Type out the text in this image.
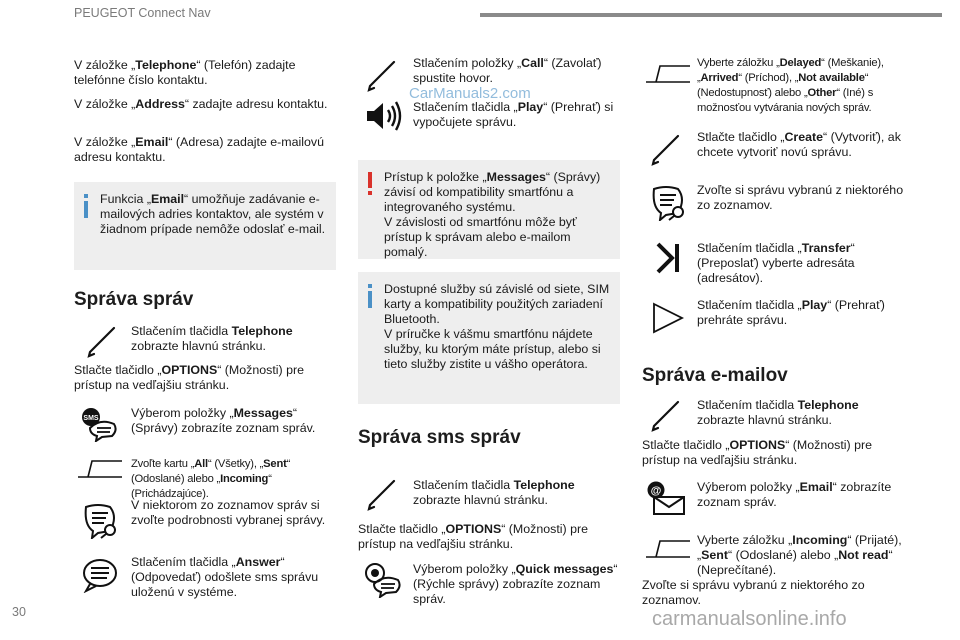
PEUGEOT Connect Nav
30
V záložke „Telephone“ (Telefón) zadajte telefónne číslo kontaktu.
V záložke „Address“ zadajte adresu kontaktu.
V záložke „Email“ (Adresa) zadajte e-mailovú adresu kontaktu.
Funkcia „Email“ umožňuje zadávanie e-mailových adries kontaktov, ale systém v žiadnom prípade nemôže odoslať e-mail.
Správa správ
Stlačením tlačidla Telephone zobrazte hlavnú stránku.
Stlačte tlačidlo „OPTIONS“ (Možnosti) pre prístup na vedľajšiu stránku.
SMS	Výberom položky „Messages“ (Správy) zobrazíte zoznam správ.
Zvoľte kartu „All“ (Všetky), „Sent“ (Odoslané) alebo „Incoming“ (Prichádzajúce).
V niektorom zo zoznamov správ si zvoľte podrobnosti vybranej správy.
Stlačením tlačidla „Answer“ (Odpovedať) odošlete sms správu uloženú v systéme.
Stlačením položky „Call“ (Zavolať) spustite hovor.
CarManuals2.com
Stlačením tlačidla „Play“ (Prehrať) si vypočujete správu.
Prístup k položke „Messages“ (Správy) závisí od kompatibility smartfónu a integrovaného systému.
V závislosti od smartfónu môže byť prístup k správam alebo e-mailom pomalý.
Dostupné služby sú závislé od siete, SIM karty a kompatibility použitých zariadení Bluetooth.
V príručke k vášmu smartfónu nájdete služby, ku ktorým máte prístup, alebo si tieto služby zistite u vášho operátora.
Správa sms správ
Stlačením tlačidla Telephone zobrazte hlavnú stránku.
Stlačte tlačidlo „OPTIONS“ (Možnosti) pre prístup na vedľajšiu stránku.
Výberom položky „Quick messages“ (Rýchle správy) zobrazíte zoznam správ.
Vyberte záložku „Delayed“ (Meškanie), „Arrived“ (Príchod), „Not available“ (Nedostupnosť) alebo „Other“ (Iné) s možnosťou vytvárania nových správ.
Stlačte tlačidlo „Create“ (Vytvoriť), ak chcete vytvoriť novú správu.
Zvoľte si správu vybranú z niektorého zo zoznamov.
Stlačením tlačidla „Transfer“ (Preposlať) vyberte adresáta (adresátov).
Stlačením tlačidla „Play“ (Prehrať) prehráte správu.
Správa e-mailov
Stlačením tlačidla Telephone zobrazte hlavnú stránku.
Stlačte tlačidlo „OPTIONS“ (Možnosti) pre prístup na vedľajšiu stránku.
@	Výberom položky „Email“ zobrazíte zoznam správ.
Vyberte záložku „Incoming“ (Prijaté), „Sent“ (Odoslané) alebo „Not read“ (Neprečítané).
Zvoľte si správu vybranú z niektorého zo zoznamov.
carmanualsonline.info
